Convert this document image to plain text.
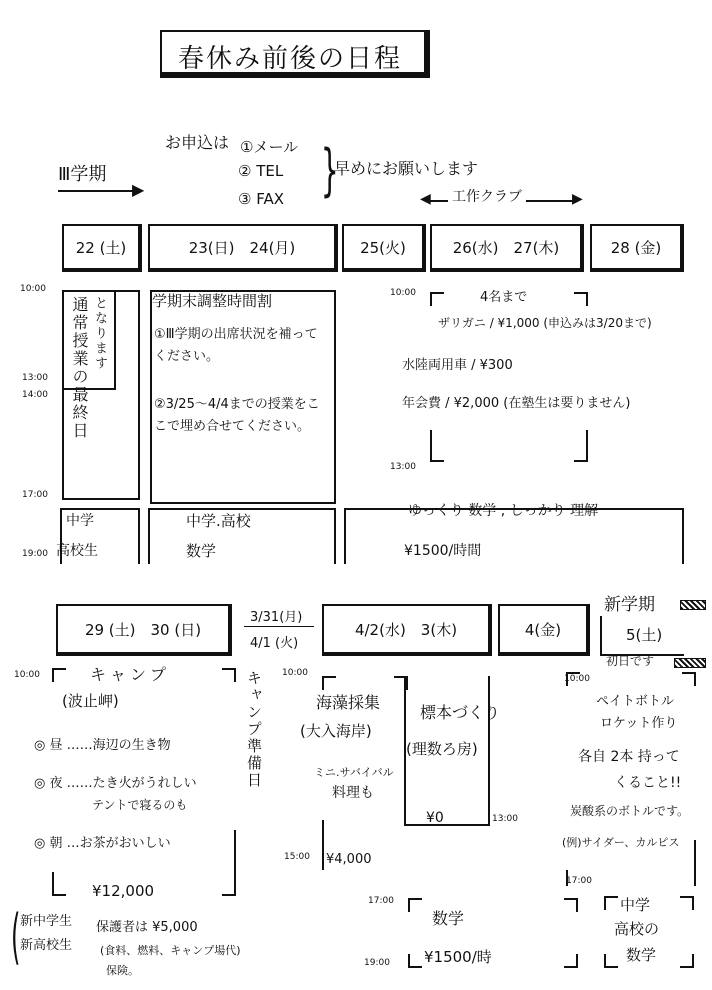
春休み前後の日程
お申込は ①メール
② TEL
③ FAX }
早めにお願いします
Ⅲ学期
▶	◀	▶
工作クラブ
22 (土)	23(日)　24(月)	25(火)	26(水)　27(木)	28 (金)
10:00
13:00
14:00
17:00
19:00
通常授業の最終日 となります	学期末調整時間割
①Ⅲ学期の出席状況を補ってください。
②3/25～4/4までの授業をここで埋め合せてください。
10:00
13:00
4名まで
ザリガニ / ¥1,000 (申込みは3/20まで)
水陸両用車 / ¥300
年会費 / ¥2,000 (在塾生は要りません)
中学
高校生
中学.高校
数学
ゆっくり 数学 , しっかり 理解
¥1500/時間
新学期
29 (土)　30 (日)
3/31(月)
4/1 (火)
4/2(水)　3(木)	4(金)	5(土)
初日です
10:00	10:00
10:00
15:00
13:00
17:00
17:00
19:00
キャンプ
(波止岬)
◎ 昼 ……海辺の生き物
◎ 夜 ……たき火がうれしい
テントで寝るのも
◎ 朝 …お茶がおいしい
¥12,000
キャンプ準備日	海藻採集
(大入海岸)
ミニ.サバイバル
料理も
¥4,000
標本づくり
(理数ろ房)
¥0
ペイトボトル
ロケット作り
各自 2本 持って
くること!!
炭酸系のボトルです。
(例)サイダー、カルピス
数学
¥1500/時
( 新中学生
新高校生
保護者は ¥5,000
(食料、燃料、キャンプ場代)
保険。
中学
高校の
数学
